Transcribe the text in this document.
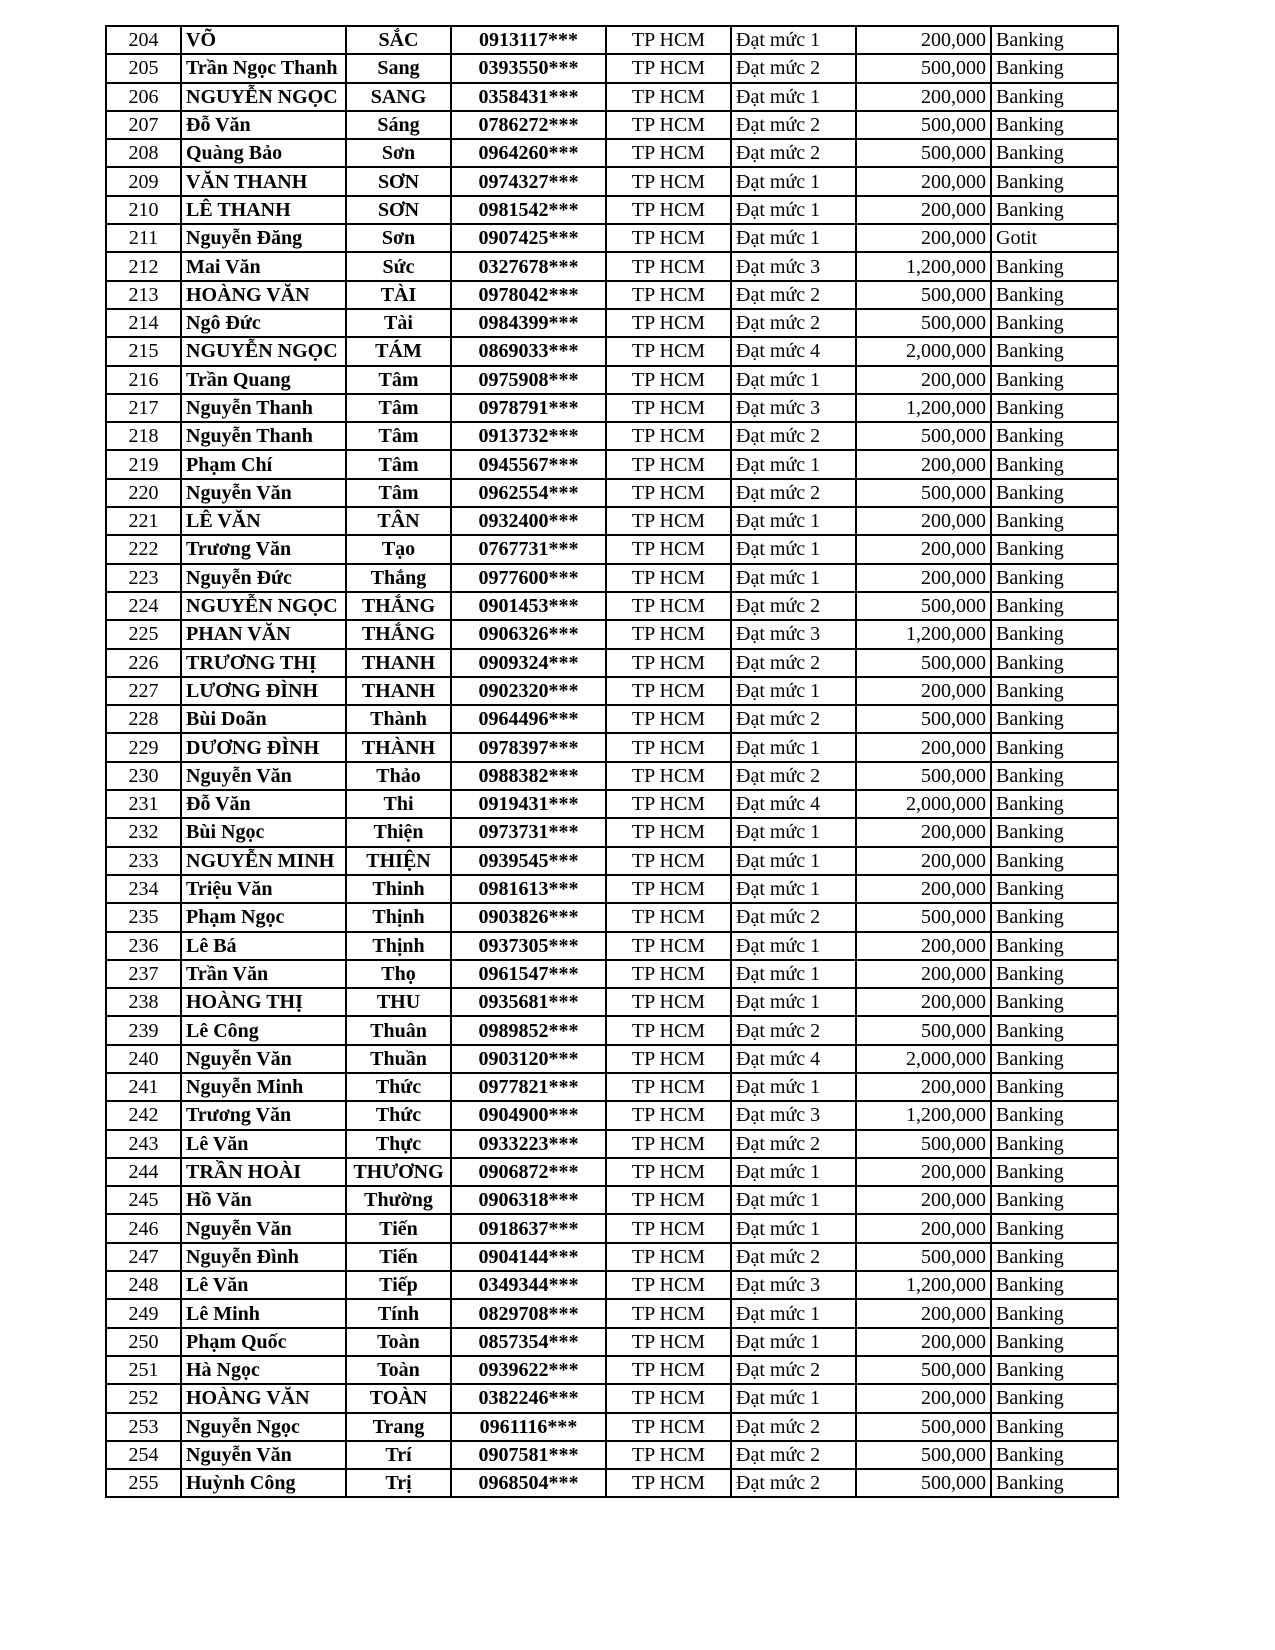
204	VÕ	SẮC	0913117***	TP HCM	Đạt mức 1	200,000	Banking
205	Trần Ngọc Thanh	Sang	0393550***	TP HCM	Đạt mức 2	500,000	Banking
206	NGUYỄN NGỌC	SANG	0358431***	TP HCM	Đạt mức 1	200,000	Banking
207	Đỗ Văn	Sáng	0786272***	TP HCM	Đạt mức 2	500,000	Banking
208	Quàng Bảo	Sơn	0964260***	TP HCM	Đạt mức 2	500,000	Banking
209	VĂN THANH	SƠN	0974327***	TP HCM	Đạt mức 1	200,000	Banking
210	LÊ THANH	SƠN	0981542***	TP HCM	Đạt mức 1	200,000	Banking
211	Nguyễn Đăng	Sơn	0907425***	TP HCM	Đạt mức 1	200,000	Gotit
212	Mai Văn	Sức	0327678***	TP HCM	Đạt mức 3	1,200,000	Banking
213	HOÀNG VĂN	TÀI	0978042***	TP HCM	Đạt mức 2	500,000	Banking
214	Ngô Đức	Tài	0984399***	TP HCM	Đạt mức 2	500,000	Banking
215	NGUYỄN NGỌC	TÁM	0869033***	TP HCM	Đạt mức 4	2,000,000	Banking
216	Trần Quang	Tâm	0975908***	TP HCM	Đạt mức 1	200,000	Banking
217	Nguyễn Thanh	Tâm	0978791***	TP HCM	Đạt mức 3	1,200,000	Banking
218	Nguyễn Thanh	Tâm	0913732***	TP HCM	Đạt mức 2	500,000	Banking
219	Phạm Chí	Tâm	0945567***	TP HCM	Đạt mức 1	200,000	Banking
220	Nguyễn Văn	Tâm	0962554***	TP HCM	Đạt mức 2	500,000	Banking
221	LÊ VĂN	TÂN	0932400***	TP HCM	Đạt mức 1	200,000	Banking
222	Trương Văn	Tạo	0767731***	TP HCM	Đạt mức 1	200,000	Banking
223	Nguyễn Đức	Thắng	0977600***	TP HCM	Đạt mức 1	200,000	Banking
224	NGUYỄN NGỌC	THẮNG	0901453***	TP HCM	Đạt mức 2	500,000	Banking
225	PHAN VĂN	THẮNG	0906326***	TP HCM	Đạt mức 3	1,200,000	Banking
226	TRƯƠNG THỊ	THANH	0909324***	TP HCM	Đạt mức 2	500,000	Banking
227	LƯƠNG ĐÌNH	THANH	0902320***	TP HCM	Đạt mức 1	200,000	Banking
228	Bùi Doãn	Thành	0964496***	TP HCM	Đạt mức 2	500,000	Banking
229	DƯƠNG ĐÌNH	THÀNH	0978397***	TP HCM	Đạt mức 1	200,000	Banking
230	Nguyễn Văn	Thảo	0988382***	TP HCM	Đạt mức 2	500,000	Banking
231	Đỗ Văn	Thi	0919431***	TP HCM	Đạt mức 4	2,000,000	Banking
232	Bùi Ngọc	Thiện	0973731***	TP HCM	Đạt mức 1	200,000	Banking
233	NGUYỄN MINH	THIỆN	0939545***	TP HCM	Đạt mức 1	200,000	Banking
234	Triệu Văn	Thinh	0981613***	TP HCM	Đạt mức 1	200,000	Banking
235	Phạm Ngọc	Thịnh	0903826***	TP HCM	Đạt mức 2	500,000	Banking
236	Lê Bá	Thịnh	0937305***	TP HCM	Đạt mức 1	200,000	Banking
237	Trần Văn	Thọ	0961547***	TP HCM	Đạt mức 1	200,000	Banking
238	HOÀNG THỊ	THU	0935681***	TP HCM	Đạt mức 1	200,000	Banking
239	Lê Công	Thuân	0989852***	TP HCM	Đạt mức 2	500,000	Banking
240	Nguyễn Văn	Thuần	0903120***	TP HCM	Đạt mức 4	2,000,000	Banking
241	Nguyễn Minh	Thức	0977821***	TP HCM	Đạt mức 1	200,000	Banking
242	Trương Văn	Thức	0904900***	TP HCM	Đạt mức 3	1,200,000	Banking
243	Lê Văn	Thực	0933223***	TP HCM	Đạt mức 2	500,000	Banking
244	TRẦN HOÀI	THƯƠNG	0906872***	TP HCM	Đạt mức 1	200,000	Banking
245	Hồ Văn	Thường	0906318***	TP HCM	Đạt mức 1	200,000	Banking
246	Nguyễn Văn	Tiến	0918637***	TP HCM	Đạt mức 1	200,000	Banking
247	Nguyễn Đình	Tiến	0904144***	TP HCM	Đạt mức 2	500,000	Banking
248	Lê Văn	Tiếp	0349344***	TP HCM	Đạt mức 3	1,200,000	Banking
249	Lê Minh	Tính	0829708***	TP HCM	Đạt mức 1	200,000	Banking
250	Phạm Quốc	Toàn	0857354***	TP HCM	Đạt mức 1	200,000	Banking
251	Hà Ngọc	Toàn	0939622***	TP HCM	Đạt mức 2	500,000	Banking
252	HOÀNG VĂN	TOÀN	0382246***	TP HCM	Đạt mức 1	200,000	Banking
253	Nguyễn Ngọc	Trang	0961116***	TP HCM	Đạt mức 2	500,000	Banking
254	Nguyễn Văn	Trí	0907581***	TP HCM	Đạt mức 2	500,000	Banking
255	Huỳnh Công	Trị	0968504***	TP HCM	Đạt mức 2	500,000	Banking
